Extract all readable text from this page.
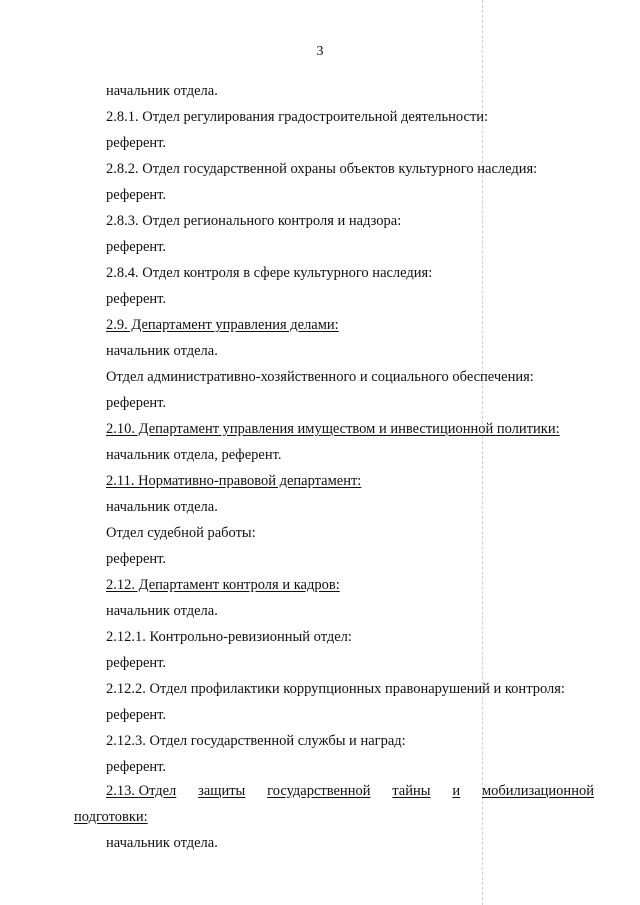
3
начальник отдела.
2.8.1. Отдел регулирования градостроительной деятельности:
референт.
2.8.2. Отдел государственной охраны объектов культурного наследия:
референт.
2.8.3. Отдел регионального контроля и надзора:
референт.
2.8.4. Отдел контроля в сфере культурного наследия:
референт.
2.9. Департамент управления делами:
начальник отдела.
Отдел административно-хозяйственного и социального обеспечения:
референт.
2.10. Департамент управления имуществом и инвестиционной политики:
начальник отдела, референт.
2.11. Нормативно-правовой департамент:
начальник отдела.
Отдел судебной работы:
референт.
2.12. Департамент контроля и кадров:
начальник отдела.
2.12.1. Контрольно-ревизионный отдел:
референт.
2.12.2. Отдел профилактики коррупционных правонарушений и контроля:
референт.
2.12.3. Отдел государственной службы и наград:
референт.
2.13. Отдел защиты государственной тайны и мобилизационной
подготовки:
начальник отдела.
